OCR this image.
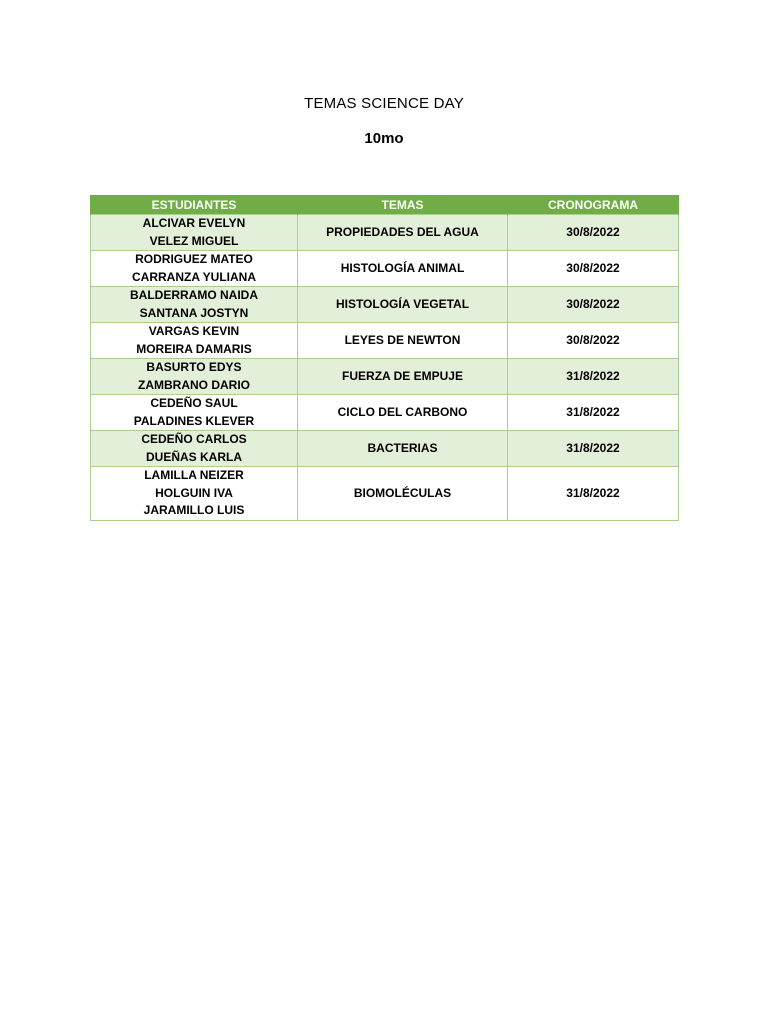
TEMAS SCIENCE DAY
10mo
ESTUDIANTES	TEMAS	CRONOGRAMA

ALCIVAR EVELYN
VELEZ MIGUEL	PROPIEDADES DEL AGUA	30/8/2022

RODRIGUEZ MATEO
CARRANZA YULIANA	HISTOLOGÍA ANIMAL	30/8/2022

BALDERRAMO NAIDA
SANTANA JOSTYN	HISTOLOGÍA VEGETAL	30/8/2022

VARGAS KEVIN
MOREIRA DAMARIS	LEYES DE NEWTON	30/8/2022

BASURTO EDYS
ZAMBRANO DARIO	FUERZA DE EMPUJE	31/8/2022

CEDEÑO SAUL
PALADINES KLEVER	CICLO DEL CARBONO	31/8/2022

CEDEÑO CARLOS
DUEÑAS KARLA	BACTERIAS	31/8/2022

LAMILLA NEIZER
HOLGUIN IVA
JARAMILLO LUIS	BIOMOLÉCULAS	31/8/2022
